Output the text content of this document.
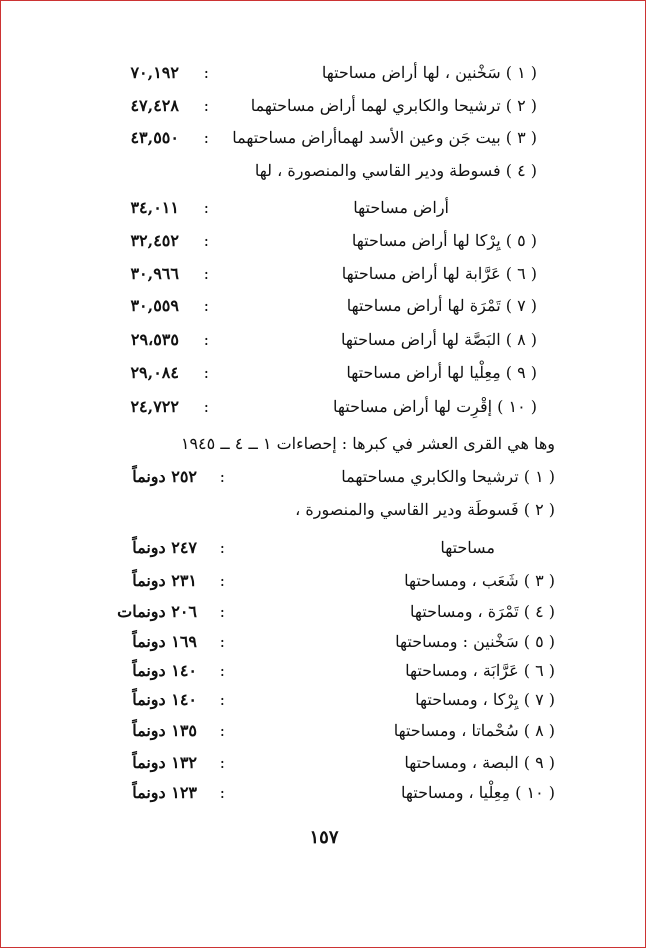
( ١ ) سَخْنين ، لها أراض مساحتها
:
٧٠,١٩٢
( ٢ ) ترشيحا والكابري لهما أراض مساحتهما
:
٤٧,٤٢٨
( ٣ ) بيت جَن وعين الأسد لهماأراض مساحتهما
:
٤٣,٥٥٠
( ٤ ) فسوطة ودير القاسي والمنصورة ، لها
أراض مساحتها
:
٣٤,٠١١
( ٥ ) يِرْكا لها أراض مساحتها
:
٣٢,٤٥٢
( ٦ ) عَرَّابة لها أراض مساحتها
:
٣٠,٩٦٦
( ٧ ) تَمْرَة لها أراض مساحتها
:
٣٠,٥٥٩
( ٨ ) البَصَّة لها أراض مساحتها
:
٢٩،٥٣٥
( ٩ ) مِعِلْيا لها أراض مساحتها
:
٢٩,٠٨٤
( ١٠ ) إقْرِت لها أراض مساحتها
:
٢٤,٧٢٢
وها هي القرى العشر في كبرها : إحصاءات ١ ــ ٤ ــ ١٩٤٥
( ١ ) ترشيحا والكابري مساحتهما
:
٢٥٢ دونماً
( ٢ ) فَسوطَة ودير القاسي والمنصورة ،
مساحتها
:
٢٤٧ دونماً
( ٣ ) شَعَب ، ومساحتها
:
٢٣١ دونماً
( ٤ ) تَمْرَة ، ومساحتها
:
٢٠٦ دونمات
( ٥ ) سَخْنين : ومساحتها
:
١٦٩ دونماً
( ٦ ) عَرَّابَة ، ومساحتها
:
١٤٠ دونماً
( ٧ ) يِرْكا ، ومساحتها
:
١٤٠ دونماً
( ٨ ) سُحْماتا ، ومساحتها
:
١٣٥ دونماً
( ٩ ) البصة ، ومساحتها
:
١٣٢ دونماً
( ١٠ ) مِعِلْيا ، ومساحتها
:
١٢٣ دونماً
١٥٧
